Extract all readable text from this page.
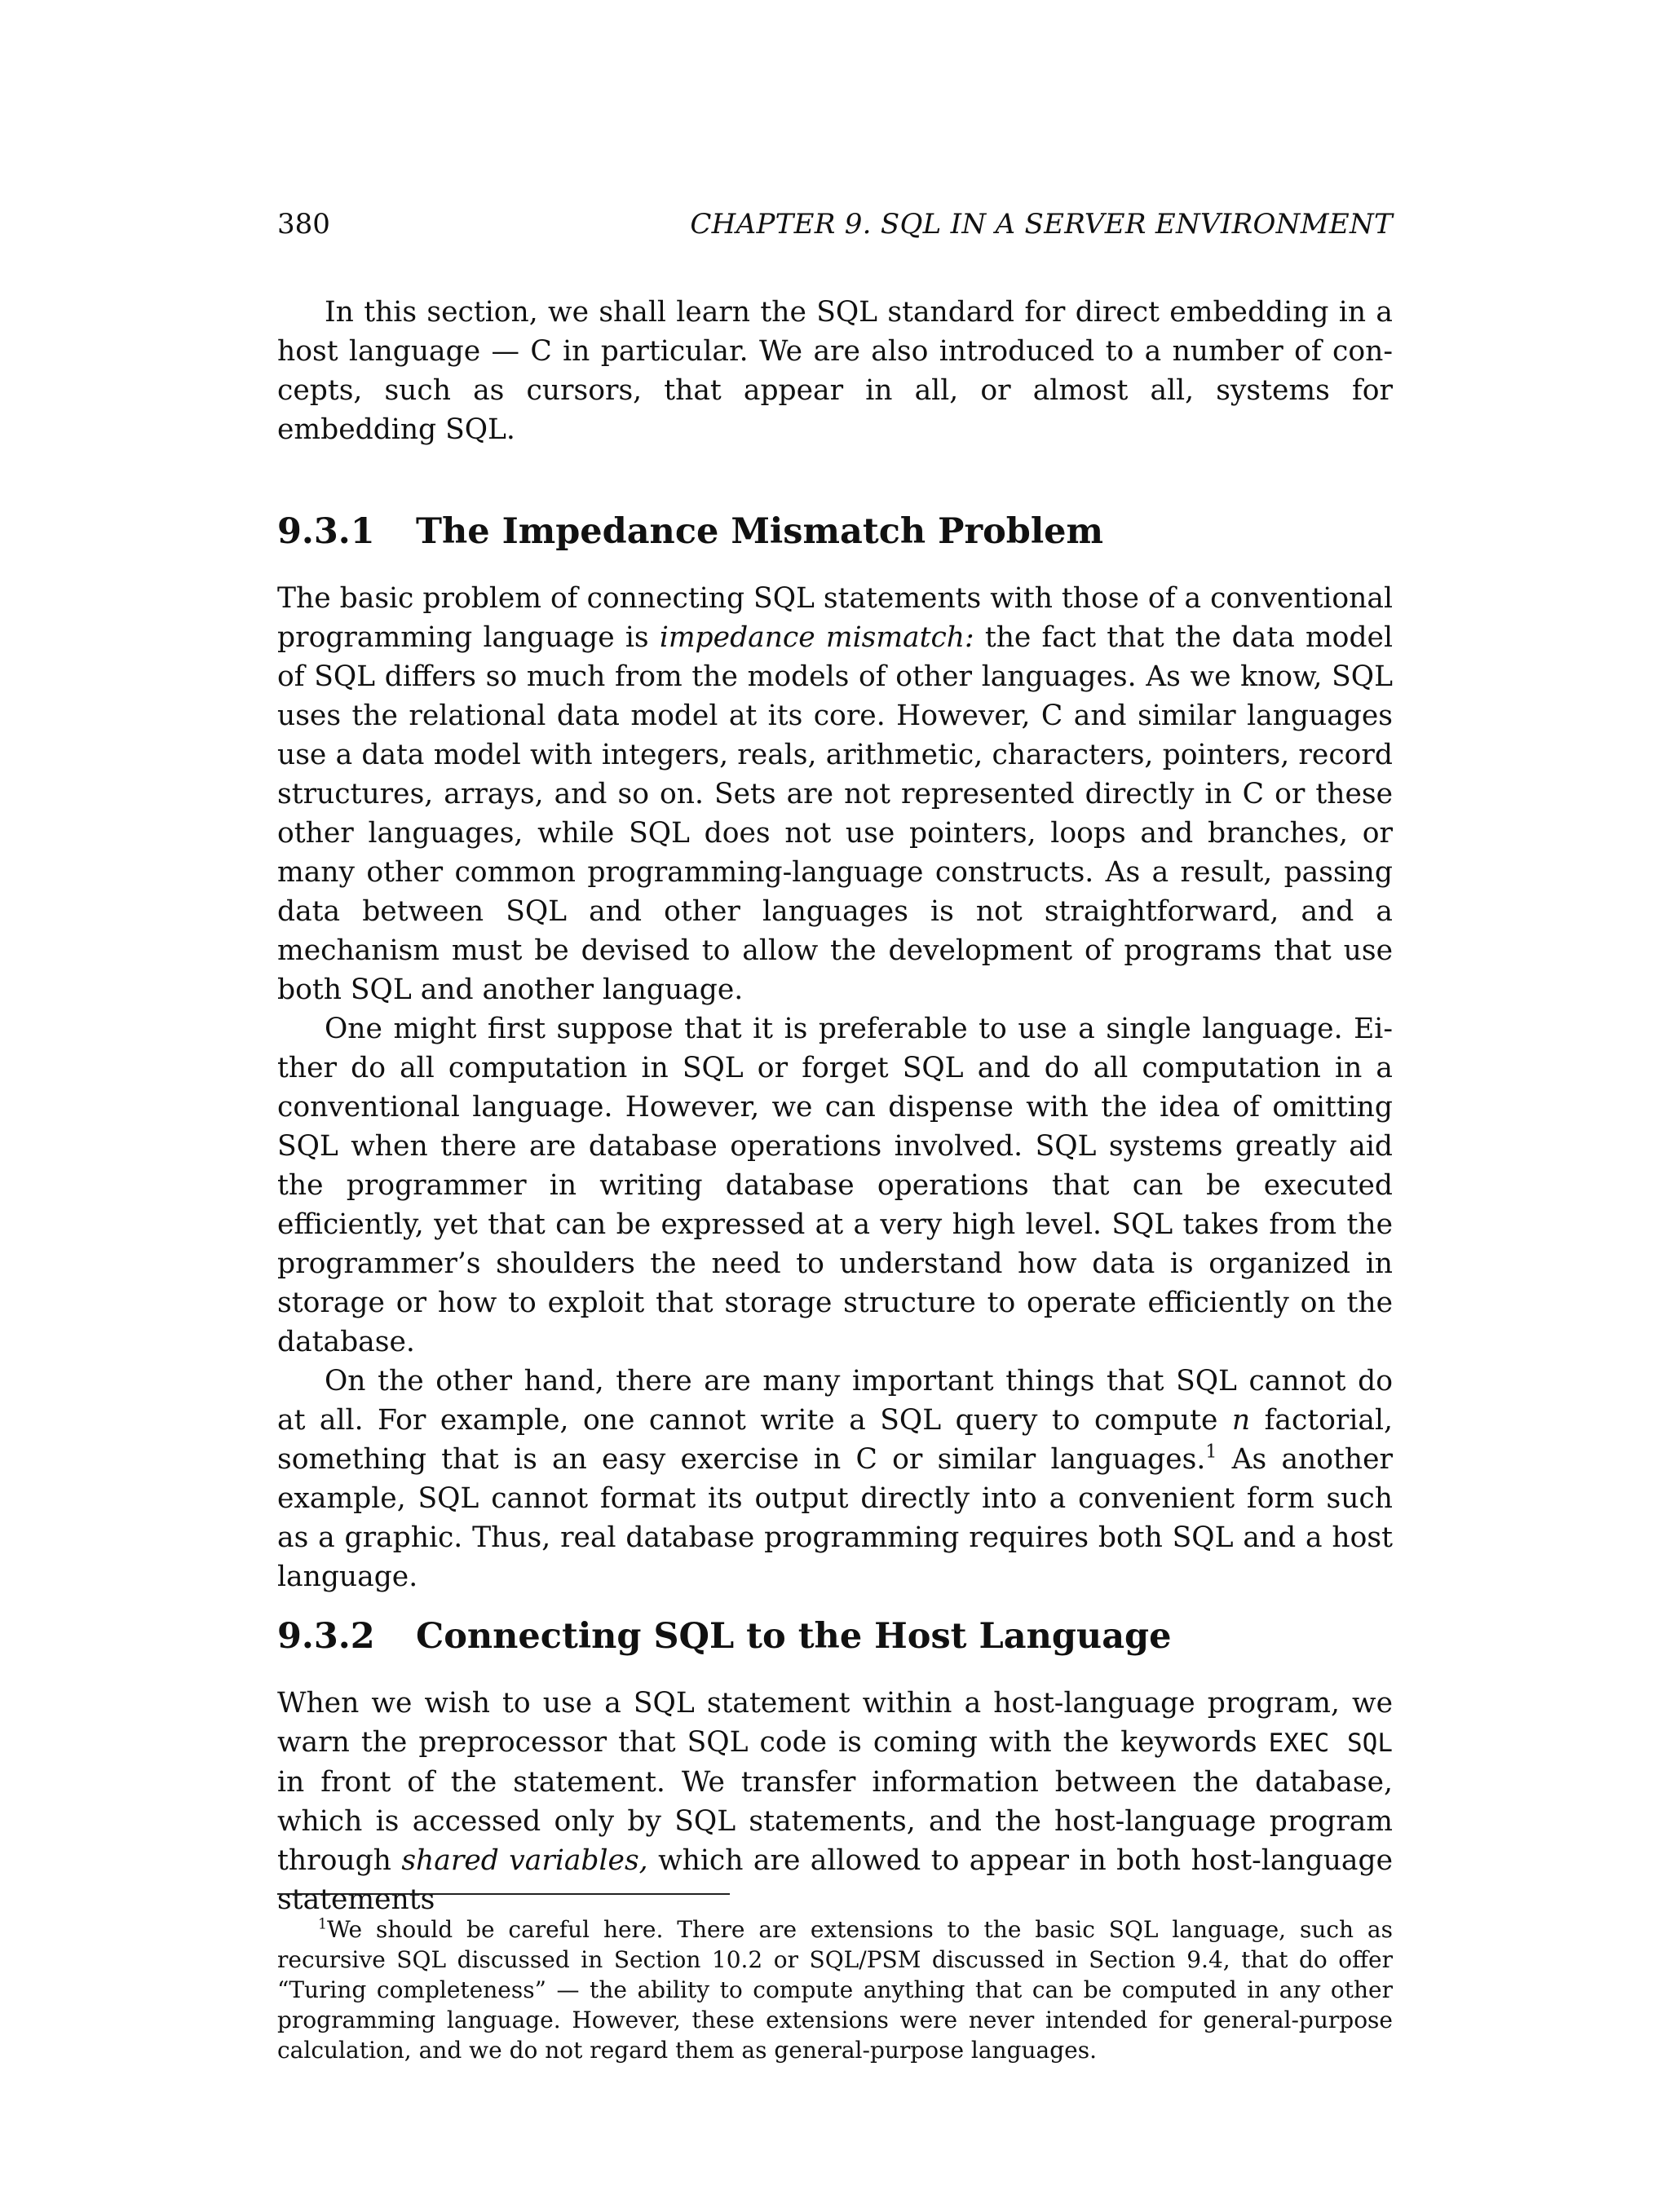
380	CHAPTER 9. SQL IN A SERVER ENVIRONMENT

In this section, we shall learn the SQL standard for direct embedding in a host language — C in particular. We are also introduced to a number of concepts, such as cursors, that appear in all, or almost all, systems for embedding SQL.

9.3.1 The Impedance Mismatch Problem

The basic problem of connecting SQL statements with those of a conventional programming language is impedance mismatch: the fact that the data model of SQL differs so much from the models of other languages. As we know, SQL uses the relational data model at its core. However, C and similar languages use a data model with integers, reals, arithmetic, characters, pointers, record structures, arrays, and so on. Sets are not represented directly in C or these other languages, while SQL does not use pointers, loops and branches, or many other common programming-language constructs. As a result, passing data between SQL and other languages is not straightforward, and a mechanism must be devised to allow the development of programs that use both SQL and another language.

One might first suppose that it is preferable to use a single language. Either do all computation in SQL or forget SQL and do all computation in a conventional language. However, we can dispense with the idea of omitting SQL when there are database operations involved. SQL systems greatly aid the programmer in writing database operations that can be executed efficiently, yet that can be expressed at a very high level. SQL takes from the programmer’s shoulders the need to understand how data is organized in storage or how to exploit that storage structure to operate efficiently on the database.

On the other hand, there are many important things that SQL cannot do at all. For example, one cannot write a SQL query to compute n factorial, something that is an easy exercise in C or similar languages.$^1$ As another example, SQL cannot format its output directly into a convenient form such as a graphic. Thus, real database programming requires both SQL and a host language.

9.3.2 Connecting SQL to the Host Language

When we wish to use a SQL statement within a host-language program, we warn the preprocessor that SQL code is coming with the keywords EXEC SQL in front of the statement. We transfer information between the database, which is accessed only by SQL statements, and the host-language program through shared variables, which are allowed to appear in both host-language statements

$^1$We should be careful here. There are extensions to the basic SQL language, such as recursive SQL discussed in Section 10.2 or SQL/PSM discussed in Section 9.4, that do offer “Turing completeness” — the ability to compute anything that can be computed in any other programming language. However, these extensions were never intended for general-purpose calculation, and we do not regard them as general-purpose languages.
